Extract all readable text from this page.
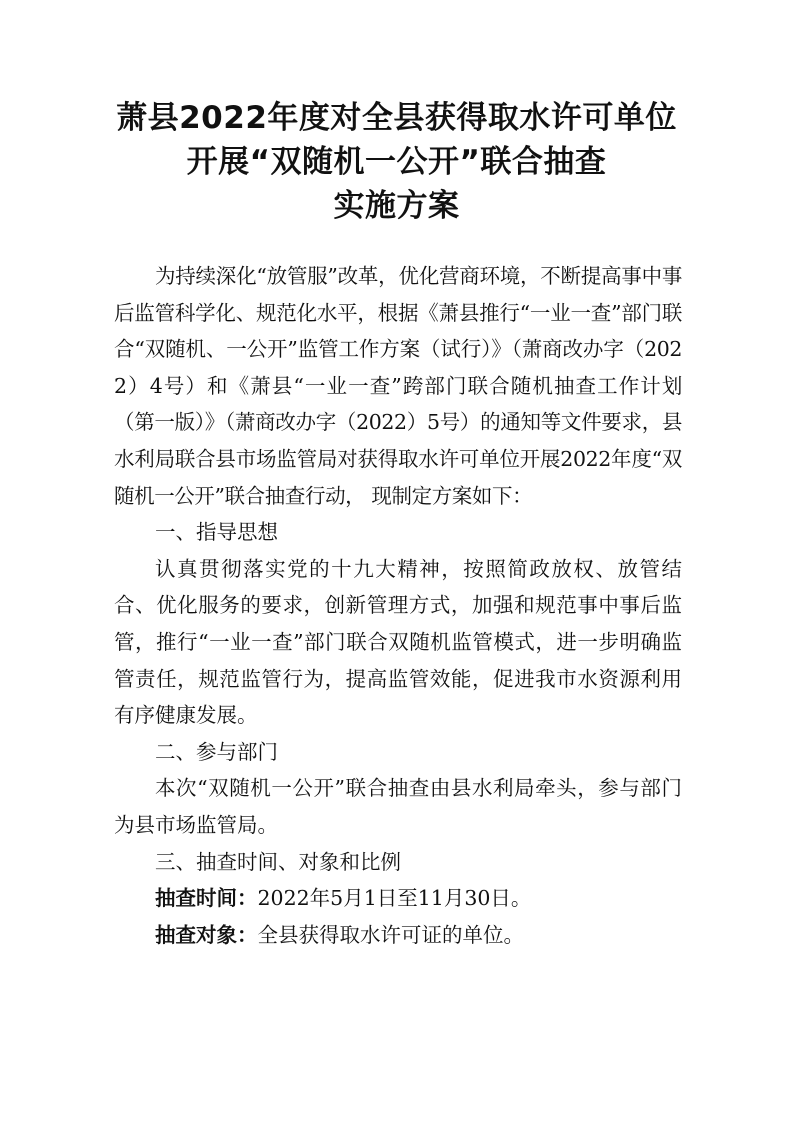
萧县2022年度对全县获得取水许可单位
开展“双随机一公开”联合抽查
实施方案

为持续深化“放管服”改革，优化营商环境，不断提高事中事后监管科学化、规范化水平，根据《萧县推行“一业一查”部门联合“双随机、一公开”监管工作方案（试行）》（萧商改办字（2022）4号）和《萧县“一业一查”跨部门联合随机抽查工作计划（第一版）》（萧商改办字（2022）5号）的通知等文件要求，县水利局联合县市场监管局对获得取水许可单位开展2022年度“双随机一公开”联合抽查行动， 现制定方案如下：

一、指导思想

认真贯彻落实党的十九大精神，按照简政放权、放管结合、优化服务的要求，创新管理方式，加强和规范事中事后监管，推行“一业一查”部门联合双随机监管模式，进一步明确监管责任，规范监管行为，提高监管效能，促进我市水资源利用有序健康发展。

二、参与部门

本次“双随机一公开”联合抽查由县水利局牵头，参与部门为县市场监管局。

三、抽查时间、对象和比例

抽查时间：2022年5月1日至11月30日。

抽查对象：全县获得取水许可证的单位。
